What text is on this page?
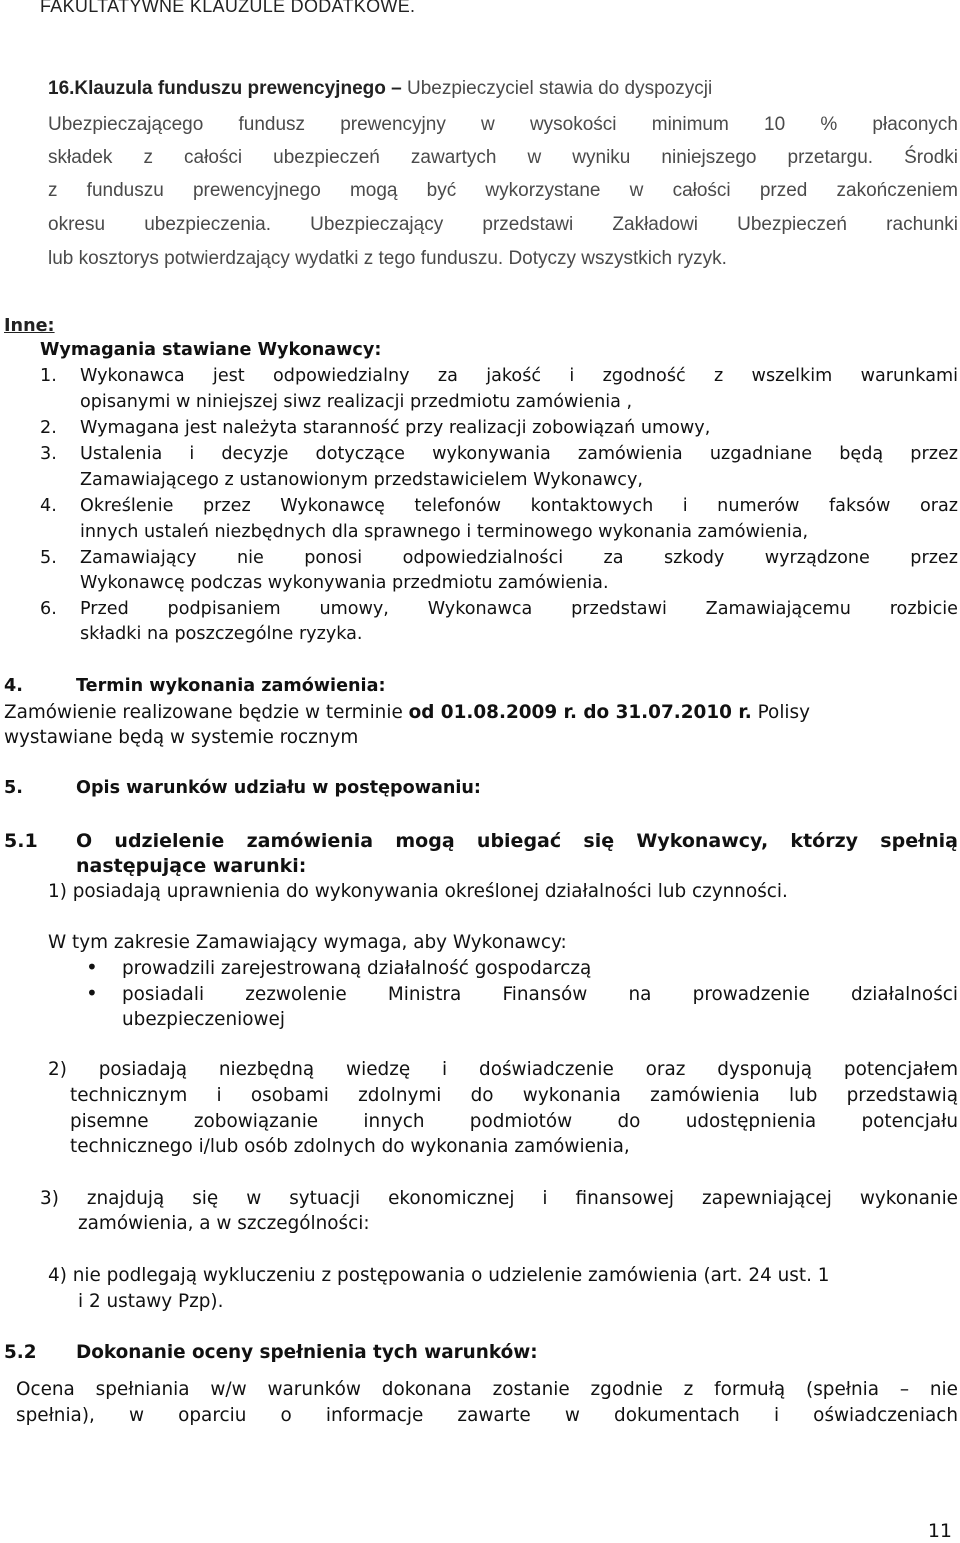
FAKULTATYWNE KLAUZULE DODATKOWE.
16.Klauzula funduszu prewencyjnego – Ubezpieczyciel stawia do dyspozycji
Ubezpieczającego fundusz prewencyjny w wysokości minimum 10 % płaconych
składek z całości ubezpieczeń zawartych w wyniku niniejszego przetargu. Środki
z funduszu prewencyjnego mogą być wykorzystane w całości przed zakończeniem
okresu ubezpieczenia. Ubezpieczający przedstawi Zakładowi Ubezpieczeń rachunki
lub kosztorys potwierdzający wydatki z tego funduszu. Dotyczy wszystkich ryzyk.
Inne:
Wymagania stawiane Wykonawcy:
1. Wykonawca jest odpowiedzialny za jakość i zgodność z wszelkim warunkami
opisanymi w niniejszej siwz realizacji przedmiotu zamówienia ,
2. Wymagana jest należyta staranność przy realizacji zobowiązań umowy,
3. Ustalenia i decyzje dotyczące wykonywania zamówienia uzgadniane będą przez
Zamawiającego z ustanowionym przedstawicielem Wykonawcy,
4. Określenie przez Wykonawcę telefonów kontaktowych i numerów faksów oraz
innych ustaleń niezbędnych dla sprawnego i terminowego wykonania zamówienia,
5. Zamawiający nie ponosi odpowiedzialności za szkody wyrządzone przez
Wykonawcę podczas wykonywania przedmiotu zamówienia.
6. Przed podpisaniem umowy, Wykonawca przedstawi Zamawiającemu rozbicie
składki na poszczególne ryzyka.
4.	Termin wykonania zamówienia:
Zamówienie realizowane będzie w terminie od 01.08.2009 r. do 31.07.2010 r. Polisy
wystawiane będą w systemie rocznym
5.	Opis warunków udziału w postępowaniu:
5.1 O udzielenie zamówienia mogą ubiegać się Wykonawcy, którzy spełnią
następujące warunki:
1) posiadają uprawnienia do wykonywania określonej działalności lub czynności.
W tym zakresie Zamawiający wymaga, aby Wykonawcy:
• prowadzili zarejestrowaną działalność gospodarczą
• posiadali zezwolenie Ministra Finansów na prowadzenie działalności
ubezpieczeniowej
2) posiadają niezbędną wiedzę i doświadczenie oraz dysponują potencjałem
technicznym i osobami zdolnymi do wykonania zamówienia lub przedstawią
pisemne zobowiązanie innych podmiotów do udostępnienia potencjału
technicznego i/lub osób zdolnych do wykonania zamówienia,
3) znajdują się w sytuacji ekonomicznej i finansowej zapewniającej wykonanie
zamówienia, a w szczególności:
4) nie podlegają wykluczeniu z postępowania o udzielenie zamówienia (art. 24 ust. 1
i 2 ustawy Pzp).
5.2 Dokonanie oceny spełnienia tych warunków:
Ocena spełniania w/w warunków dokonana zostanie zgodnie z formułą (spełnia – nie
spełnia), w oparciu o informacje zawarte w dokumentach i oświadczeniach
11
